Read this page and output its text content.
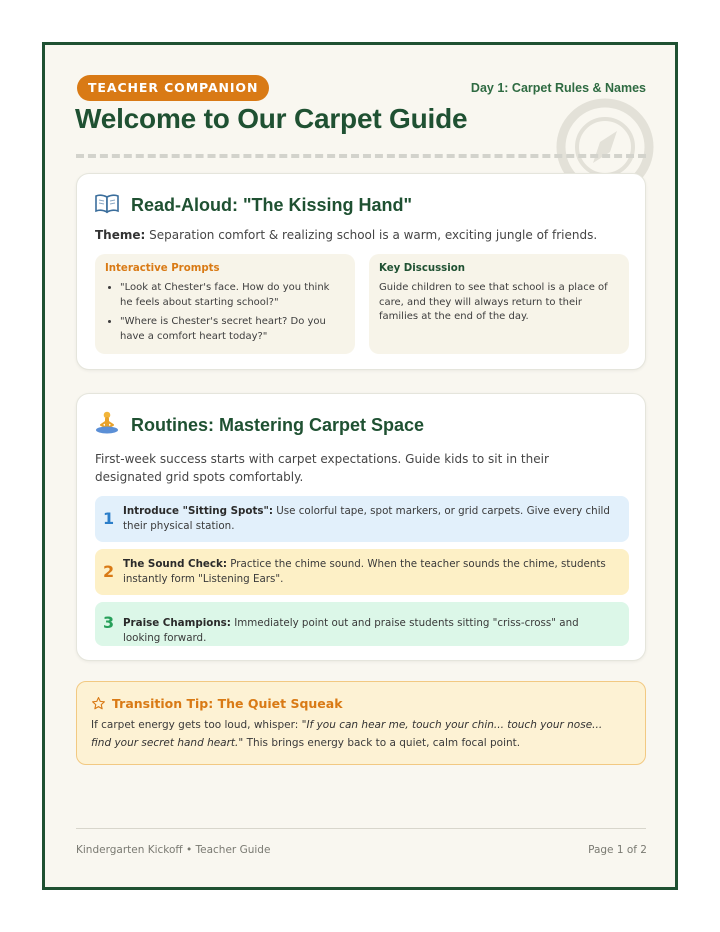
TEACHER COMPANION	Day 1: Carpet Rules & Names
Welcome to Our Carpet Guide
Read-Aloud: "The Kissing Hand"
Theme: Separation comfort & realizing school is a warm, exciting jungle of friends.
Interactive Prompts
• "Look at Chester's face. How do you think he feels about starting school?"
• "Where is Chester's secret heart? Do you have a comfort heart today?"
Key Discussion
Guide children to see that school is a place of care, and they will always return to their families at the end of the day.
Routines: Mastering Carpet Space
First-week success starts with carpet expectations. Guide kids to sit in their designated grid spots comfortably.
1 Introduce "Sitting Spots": Use colorful tape, spot markers, or grid carpets. Give every child their physical station.
2 The Sound Check: Practice the chime sound. When the teacher sounds the chime, students instantly form "Listening Ears".
3 Praise Champions: Immediately point out and praise students sitting "criss-cross" and looking forward.
Transition Tip: The Quiet Squeak
If carpet energy gets too loud, whisper: "If you can hear me, touch your chin... touch your nose... find your secret hand heart." This brings energy back to a quiet, calm focal point.
Kindergarten Kickoff • Teacher Guide	Page 1 of 2
